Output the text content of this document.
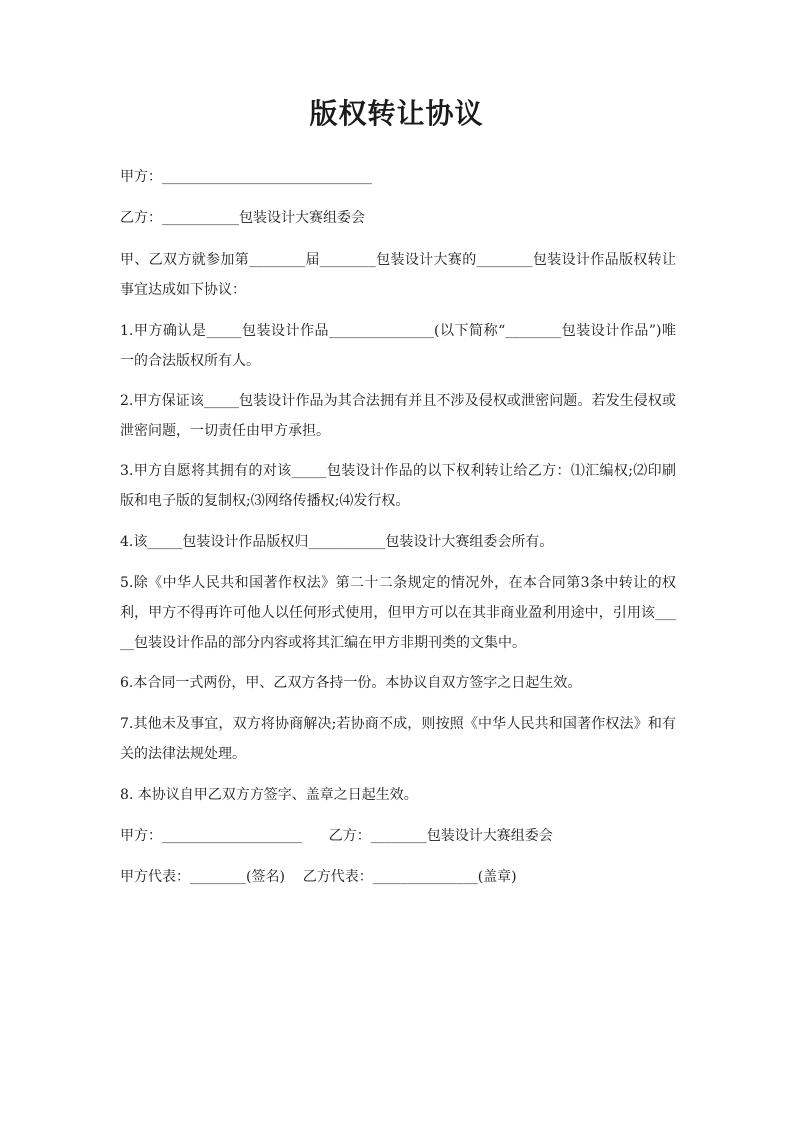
版权转让协议

甲方：______________________________

乙方：___________包装设计大赛组委会

甲、乙双方就参加第________届________包装设计大赛的________包装设计作品版权转让事宜达成如下协议：

1.甲方确认是_____包装设计作品_______________(以下简称“________包装设计作品”)唯一的合法版权所有人。

2.甲方保证该_____包装设计作品为其合法拥有并且不涉及侵权或泄密问题。若发生侵权或泄密问题，一切责任由甲方承担。

3.甲方自愿将其拥有的对该_____包装设计作品的以下权利转让给乙方：⑴汇编权;⑵印刷版和电子版的复制权;⑶网络传播权;⑷发行权。

4.该_____包装设计作品版权归___________包装设计大赛组委会所有。

5.除《中华人民共和国著作权法》第二十二条规定的情况外，在本合同第3条中转让的权利，甲方不得再许可他人以任何形式使用，但甲方可以在其非商业盈利用途中，引用该_____包装设计作品的部分内容或将其汇编在甲方非期刊类的文集中。

6.本合同一式两份，甲、乙双方各持一份。本协议自双方签字之日起生效。

7.其他未及事宜，双方将协商解决;若协商不成，则按照《中华人民共和国著作权法》和有关的法律法规处理。

8. 本协议自甲乙双方方签字、盖章之日起生效。

甲方：____________________      乙方：________包装设计大赛组委会

甲方代表：________(签名)    乙方代表：_______________(盖章)
